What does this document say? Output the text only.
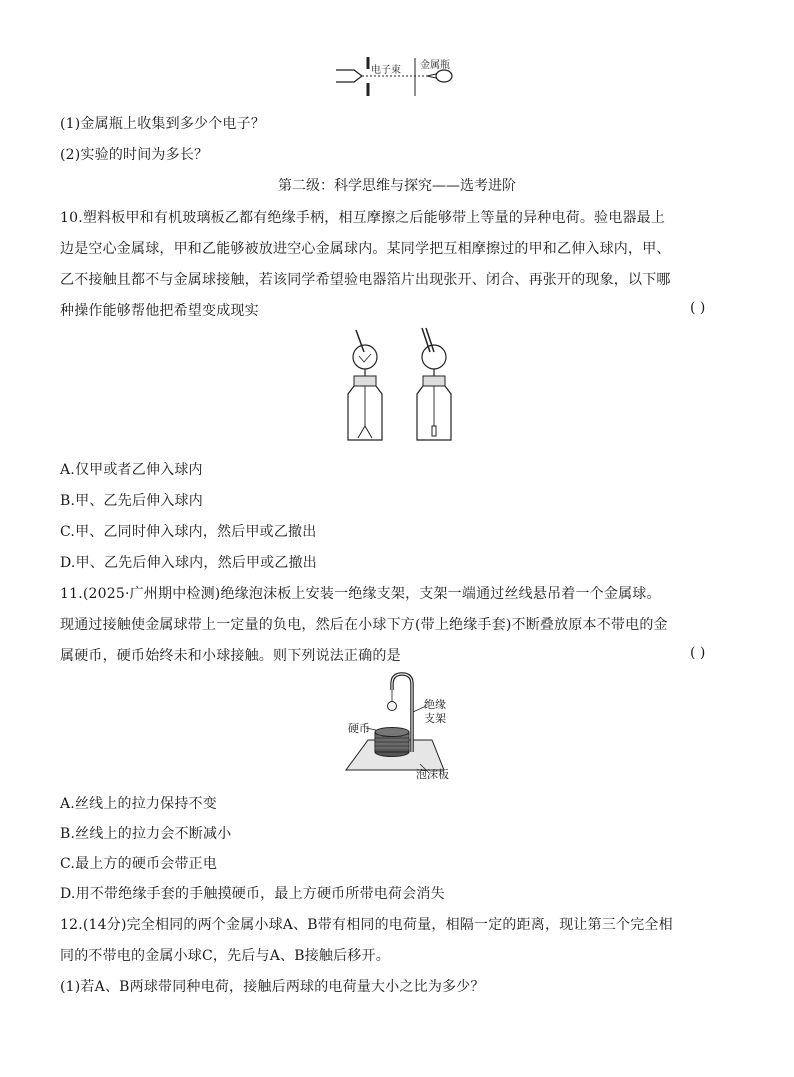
电子束 金属瓶
(1)金属瓶上收集到多少个电子？
(2)实验的时间为多长？
第二级：科学思维与探究——选考进阶
10.塑料板甲和有机玻璃板乙都有绝缘手柄，相互摩擦之后能够带上等量的异种电荷。验电器最上
边是空心金属球，甲和乙能够被放进空心金属球内。某同学把互相摩擦过的甲和乙伸入球内，甲、
乙不接触且都不与金属球接触，若该同学希望验电器箔片出现张开、闭合、再张开的现象，以下哪
种操作能够帮他把希望变成现实	( )
A.仅甲或者乙伸入球内
B.甲、乙先后伸入球内
C.甲、乙同时伸入球内，然后甲或乙撤出
D.甲、乙先后伸入球内，然后甲或乙撤出
11.(2025·广州期中检测)绝缘泡沫板上安装一绝缘支架，支架一端通过丝线悬吊着一个金属球。
现通过接触使金属球带上一定量的负电，然后在小球下方(带上绝缘手套)不断叠放原本不带电的金
属硬币，硬币始终未和小球接触。则下列说法正确的是	( )
绝缘
支架
硬币
泡沫板
A.丝线上的拉力保持不变
B.丝线上的拉力会不断减小
C.最上方的硬币会带正电
D.用不带绝缘手套的手触摸硬币，最上方硬币所带电荷会消失
12.(14分)完全相同的两个金属小球A、B带有相同的电荷量，相隔一定的距离，现让第三个完全相
同的不带电的金属小球C，先后与A、B接触后移开。
(1)若A、B两球带同种电荷，接触后两球的电荷量大小之比为多少？
